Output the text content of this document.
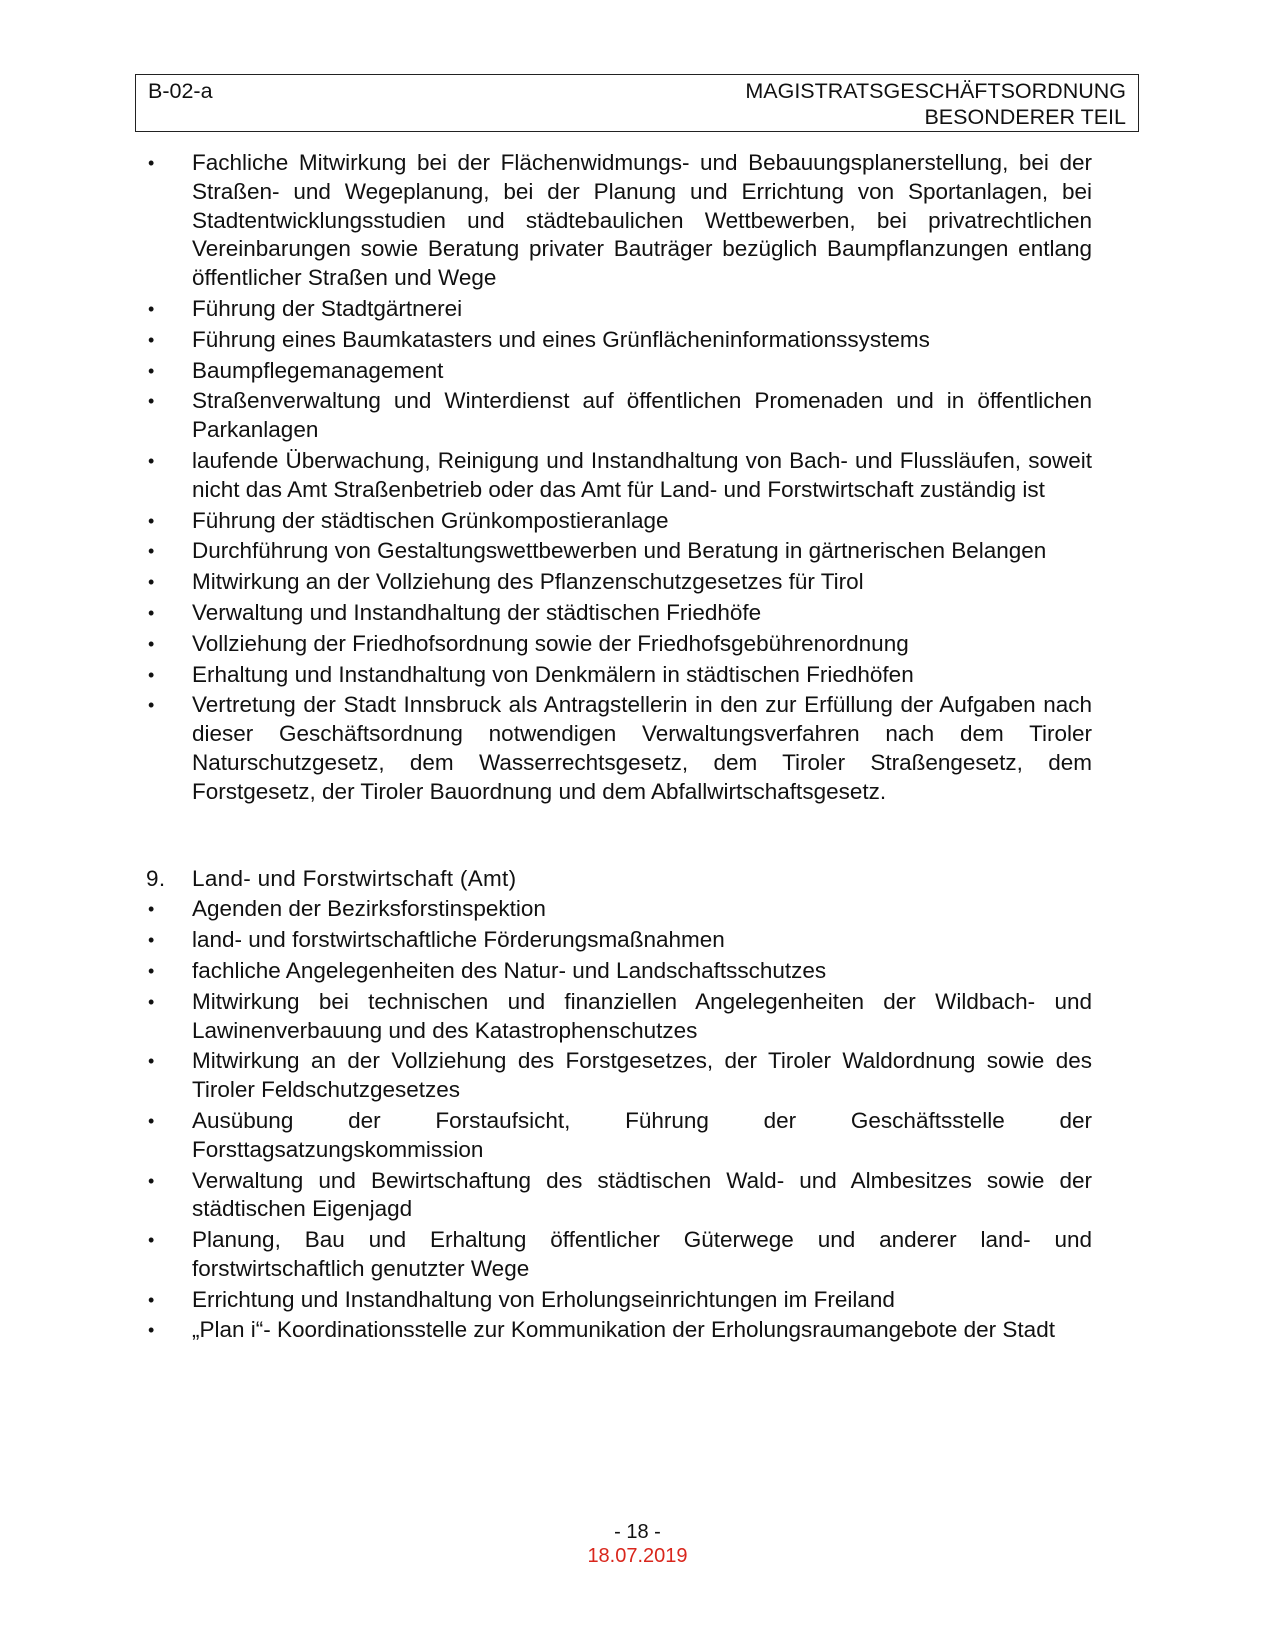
B-02-a	MAGISTRATSGESCHÄFTSORDNUNG
BESONDERER TEIL
• Fachliche Mitwirkung bei der Flächenwidmungs- und Bebauungsplanerstellung, bei der Straßen- und Wegeplanung, bei der Planung und Errichtung von Sportanlagen, bei Stadtentwicklungsstudien und städtebaulichen Wettbewerben, bei privatrechtlichen Vereinbarungen sowie Beratung privater Bauträger bezüglich Baumpflanzungen entlang öffentlicher Straßen und Wege
• Führung der Stadtgärtnerei
• Führung eines Baumkatasters und eines Grünflächeninformationssystems
• Baumpflegemanagement
• Straßenverwaltung und Winterdienst auf öffentlichen Promenaden und in öffentlichen Parkanlagen
• laufende Überwachung, Reinigung und Instandhaltung von Bach- und Flussläufen, soweit nicht das Amt Straßenbetrieb oder das Amt für Land- und Forstwirtschaft zuständig ist
• Führung der städtischen Grünkompostieranlage
• Durchführung von Gestaltungswettbewerben und Beratung in gärtnerischen Belangen
• Mitwirkung an der Vollziehung des Pflanzenschutzgesetzes für Tirol
• Verwaltung und Instandhaltung der städtischen Friedhöfe
• Vollziehung der Friedhofsordnung sowie der Friedhofsgebührenordnung
• Erhaltung und Instandhaltung von Denkmälern in städtischen Friedhöfen
• Vertretung der Stadt Innsbruck als Antragstellerin in den zur Erfüllung der Aufgaben nach dieser Geschäftsordnung notwendigen Verwaltungsverfahren nach dem Tiroler Naturschutzgesetz, dem Wasserrechtsgesetz, dem Tiroler Straßengesetz, dem Forstgesetz, der Tiroler Bauordnung und dem Abfallwirtschaftsgesetz.
9. Land- und Forstwirtschaft (Amt)
• Agenden der Bezirksforstinspektion
• land- und forstwirtschaftliche Förderungsmaßnahmen
• fachliche Angelegenheiten des Natur- und Landschaftsschutzes
• Mitwirkung bei technischen und finanziellen Angelegenheiten der Wildbach- und Lawinenverbauung und des Katastrophenschutzes
• Mitwirkung an der Vollziehung des Forstgesetzes, der Tiroler Waldordnung sowie des Tiroler Feldschutzgesetzes
• Ausübung der Forstaufsicht, Führung der Geschäftsstelle der Forsttagsatzungskommission
• Verwaltung und Bewirtschaftung des städtischen Wald- und Almbesitzes sowie der städtischen Eigenjagd
• Planung, Bau und Erhaltung öffentlicher Güterwege und anderer land- und forstwirtschaftlich genutzter Wege
• Errichtung und Instandhaltung von Erholungseinrichtungen im Freiland
• „Plan i“- Koordinationsstelle zur Kommunikation der Erholungsraumangebote der Stadt
- 18 -
18.07.2019
